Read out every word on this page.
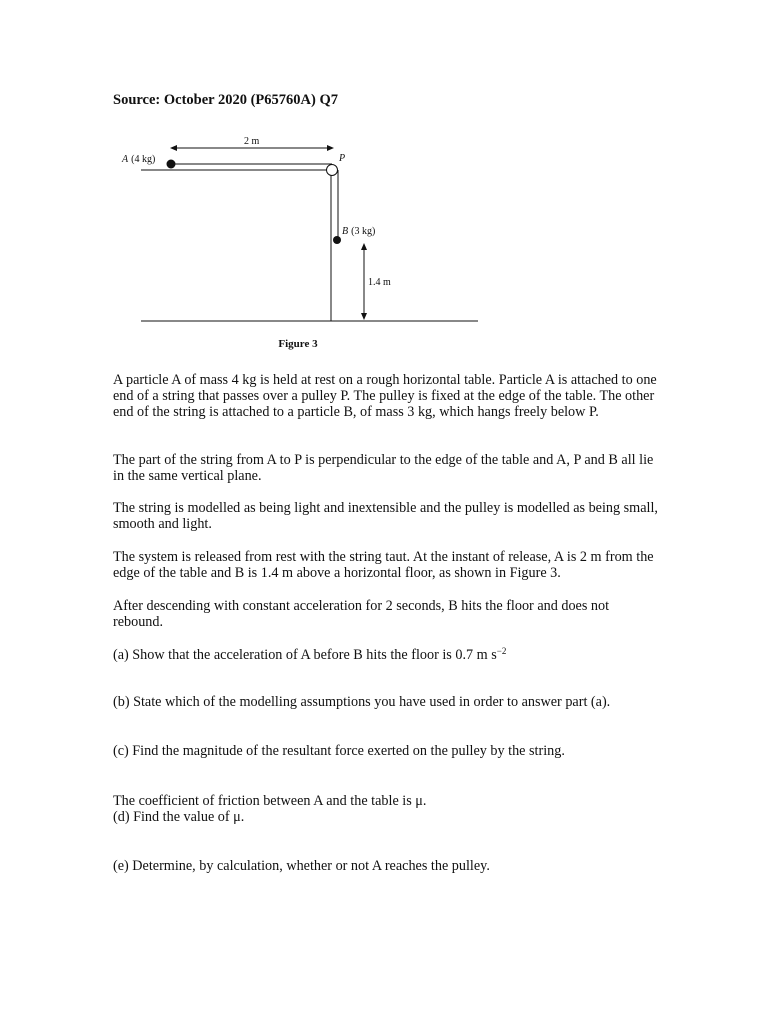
Source: October 2020 (P65760A) Q7

2 m
A (4 kg)	P
B (3 kg)
1.4 m

Figure 3

A particle A of mass 4 kg is held at rest on a rough horizontal table. Particle A is attached to one end of a string that passes over a pulley P. The pulley is fixed at the edge of the table. The other end of the string is attached to a particle B, of mass 3 kg, which hangs freely below P.

The part of the string from A to P is perpendicular to the edge of the table and A, P and B all lie in the same vertical plane.

The string is modelled as being light and inextensible and the pulley is modelled as being small, smooth and light.

The system is released from rest with the string taut. At the instant of release, A is 2 m from the edge of the table and B is 1.4 m above a horizontal floor, as shown in Figure 3.

After descending with constant acceleration for 2 seconds, B hits the floor and does not rebound.

(a) Show that the acceleration of A before B hits the floor is 0.7 m $s^{-2}$

(b) State which of the modelling assumptions you have used in order to answer part (a).

(c) Find the magnitude of the resultant force exerted on the pulley by the string.

The coefficient of friction between A and the table is μ.

(d) Find the value of μ.

(e) Determine, by calculation, whether or not A reaches the pulley.
